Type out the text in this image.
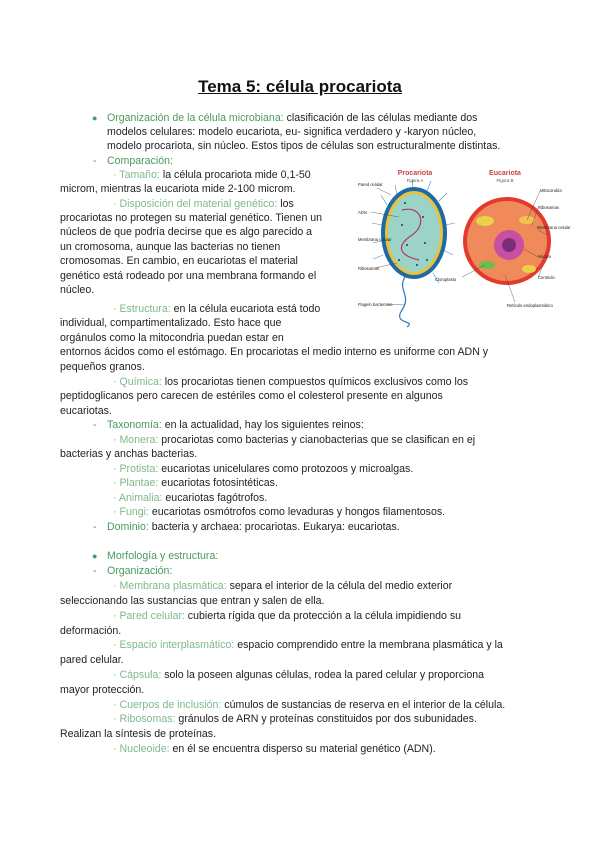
Tema 5: célula procariota
● Organización de la célula microbiana: clasificación de las células mediante dos
modelos celulares: modelo eucariota, eu- significa verdadero y -karyon núcleo,
modelo procariota, sin núcleo. Estos tipos de células son estructuralmente distintas.
- Comparación:
· Tamaño: la célula procariota mide 0,1-50
microm, mientras la eucariota mide 2-100 microm.
· Disposición del material genético: los
procariotas no protegen su material genético. Tienen un
núcleos de que podría decirse que es algo parecido a
un cromosoma, aunque las bacterias no tienen
cromosomas. En cambio, en eucariotas el material
genético está rodeado por una membrana formando el
núcleo.
· Estructura: en la célula eucariota está todo
individual, compartimentalizado. Esto hace que
orgánulos como la mitocondria puedan estar en
entornos ácidos como el estómago. En procariotas el medio interno es uniforme con ADN y
pequeños granos.
· Química: los procariotas tienen compuestos químicos exclusivos como los
peptidoglicanos pero carecen de estériles como el colesterol presente en algunos
eucariotas.
- Taxonomía: en la actualidad, hay los siguientes reinos:
· Monera: procariotas como bacterias y cianobacterias que se clasifican en ej
bacterias y anchas bacterias.
· Protista: eucariotas unicelulares como protozoos y microalgas.
· Plantae: eucariotas fotosintéticas.
· Animalia: eucariotas fagótrofos.
· Fungi: eucariotas osmótrofos como levaduras y hongos filamentosos.
- Dominio: bacteria y archaea: procariotas. Eukarya: eucariotas.
● Morfología y estructura:
- Organización:
· Membrana plasmática: separa el interior de la célula del medio exterior
seleccionando las sustancias que entran y salen de ella.
· Pared celular: cubierta rígida que da protección a la célula impidiendo su
deformación.
· Espacio interplasmático: espacio comprendido entre la membrana plasmática y la
pared celular.
· Cápsula: solo la poseen algunas células, rodea la pared celular y proporciona
mayor protección.
· Cuerpos de inclusión: cúmulos de sustancias de reserva en el interior de la célula.
· Ribosomas: gránulos de ARN y proteínas constituidos por dos subunidades.
Realizan la síntesis de proteínas.
· Nucleoide: en él se encuentra disperso su material genético (ADN).
Procariota
Figura A
Eucariota
Figura B
Pared celular
ADN
Membrana celular
Ribosomas
Flagelo bacteriano
Cloroplasto
Mitocondria
Ribosomas
Membrana celular
Núcleo
Centriolo
Retículo endoplasmático
